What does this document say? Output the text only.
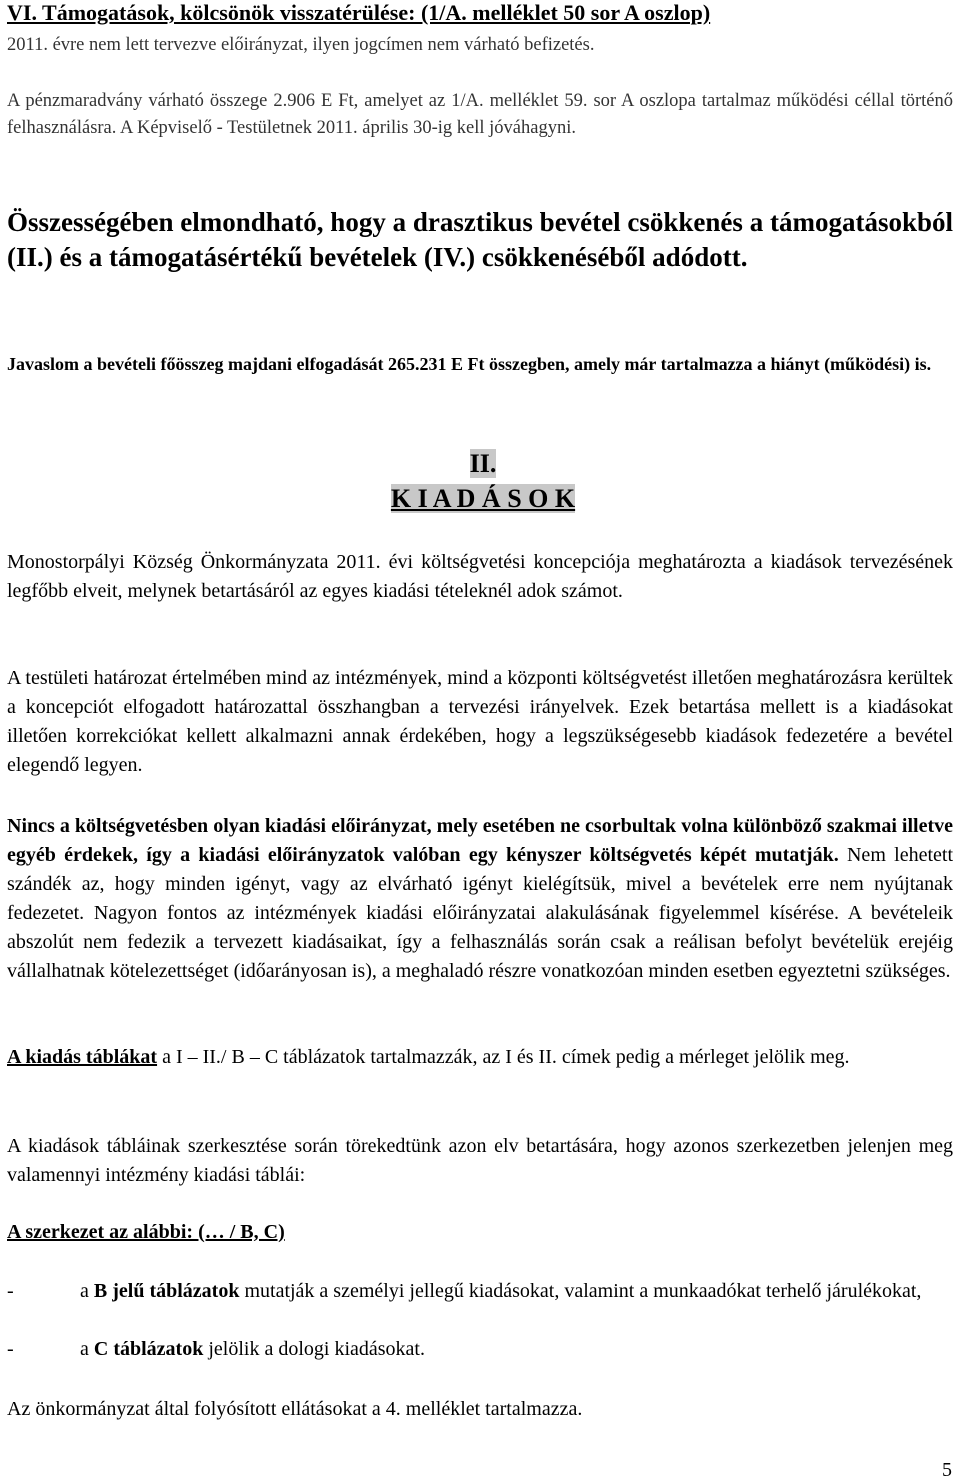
VI. Támogatások, kölcsönök visszatérülése: (1/A. melléklet 50 sor A oszlop)

2011. évre nem lett tervezve előirányzat, ilyen jogcímen nem várható befizetés.

A pénzmaradvány várható összege 2.906 E Ft, amelyet az 1/A. melléklet 59. sor A oszlopa tartalmaz működési céllal történő felhasználásra. A Képviselő - Testületnek 2011. április 30-ig kell jóváhagyni.

Összességében elmondható, hogy a drasztikus bevétel csökkenés a támogatásokból (II.) és a támogatásértékű bevételek (IV.) csökkenéséből adódott.

Javaslom a bevételi főösszeg majdani elfogadását 265.231 E Ft összegben, amely már tartalmazza a hiányt (működési) is.

II.
K I A D Á S O K

Monostorpályi Község Önkormányzata 2011. évi költségvetési koncepciója meghatározta a kiadások tervezésének legfőbb elveit, melynek betartásáról az egyes kiadási tételeknél adok számot.

A testületi határozat értelmében mind az intézmények, mind a központi költségvetést illetően meghatározásra kerültek a koncepciót elfogadott határozattal összhangban a tervezési irányelvek. Ezek betartása mellett is a kiadásokat illetően korrekciókat kellett alkalmazni annak érdekében, hogy a legszükségesebb kiadások fedezetére a bevétel elegendő legyen.

Nincs a költségvetésben olyan kiadási előirányzat, mely esetében ne csorbultak volna különböző szakmai illetve egyéb érdekek, így a kiadási előirányzatok valóban egy kényszer költségvetés képét mutatják. Nem lehetett szándék az, hogy minden igényt, vagy az elvárható igényt kielégítsük, mivel a bevételek erre nem nyújtanak fedezetet. Nagyon fontos az intézmények kiadási előirányzatai alakulásának figyelemmel kísérése. A bevételeik abszolút nem fedezik a tervezett kiadásaikat, így a felhasználás során csak a reálisan befolyt bevételük erejéig vállalhatnak kötelezettséget (időarányosan is), a meghaladó részre vonatkozóan minden esetben egyeztetni szükséges.

A kiadás táblákat a I – II./ B – C táblázatok tartalmazzák, az I és II. címek pedig a mérleget jelölik meg.

A kiadások tábláinak szerkesztése során törekedtünk azon elv betartására, hogy azonos szerkezetben jelenjen meg valamennyi intézmény kiadási táblái:

A szerkezet az alábbi: (… / B, C)

-	a B jelű táblázatok mutatják a személyi jellegű kiadásokat, valamint a munkaadókat terhelő járulékokat,
-	a C táblázatok jelölik a dologi kiadásokat.

Az önkormányzat által folyósított ellátásokat a 4. melléklet tartalmazza.

5
